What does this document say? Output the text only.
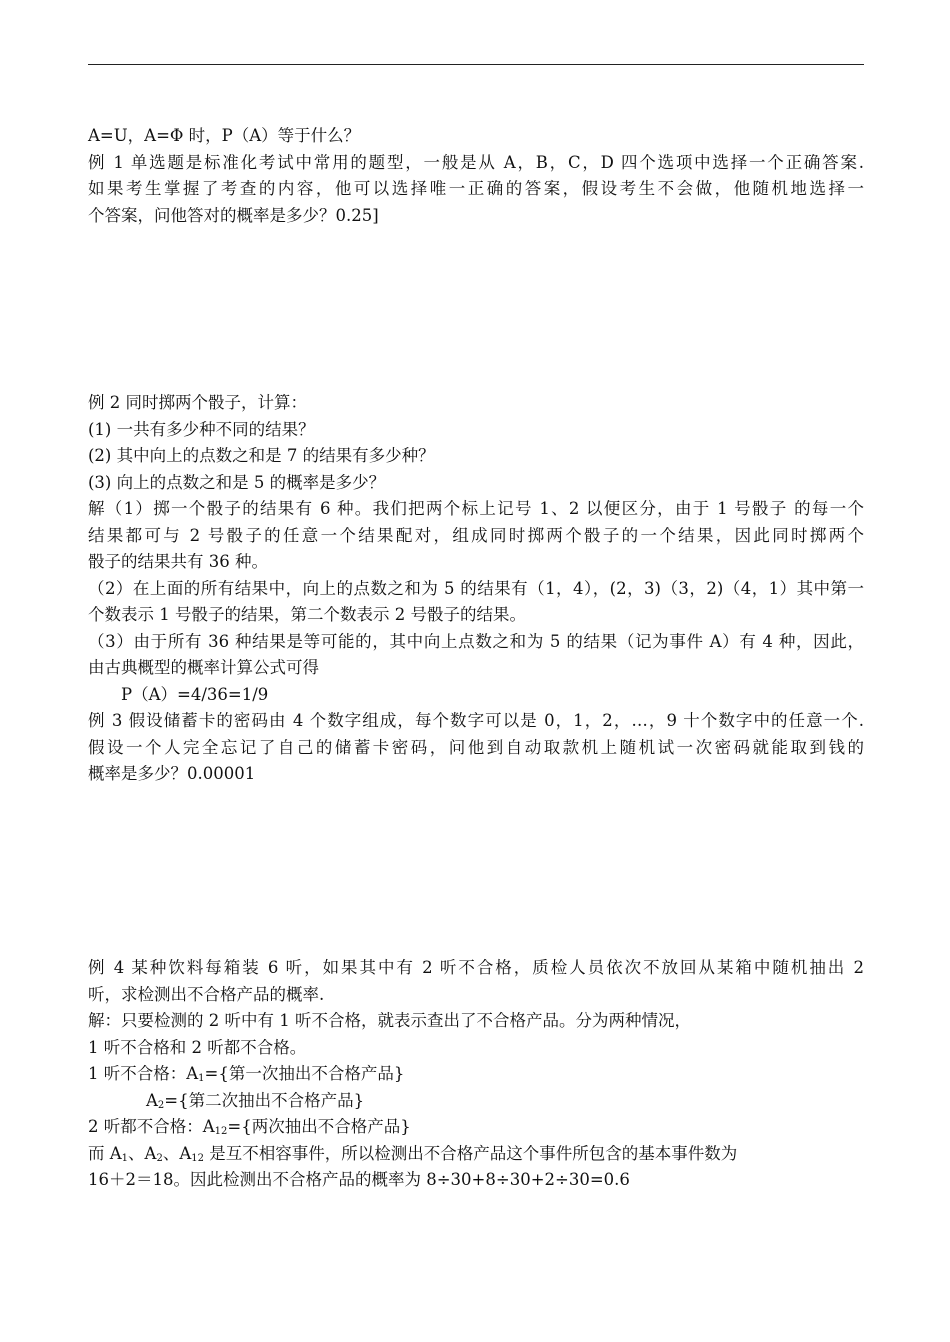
A=U，A=Φ 时，P（A）等于什么？
例 1 单选题是标准化考试中常用的题型，一般是从 A，B，C，D 四个选项中选择一个正确答案.
如果考生掌握了考查的内容，他可以选择唯一正确的答案，假设考生不会做，他随机地选择一
个答案，问他答对的概率是多少？0.25]
例 2 同时掷两个骰子，计算：
(1) 一共有多少种不同的结果？
(2) 其中向上的点数之和是 7 的结果有多少种？
(3) 向上的点数之和是 5 的概率是多少？
解（1）掷一个骰子的结果有 6 种。我们把两个标上记号 1、2 以便区分，由于 1 号骰子 的每一个
结果都可与 2 号骰子的任意一个结果配对，组成同时掷两个骰子的一个结果，因此同时掷两个
骰子的结果共有 36 种。
（2）在上面的所有结果中，向上的点数之和为 5 的结果有（1，4），(2，3)（3，2)（4，1）其中第一
个数表示 1 号骰子的结果，第二个数表示 2 号骰子的结果。
（3）由于所有 36 种结果是等可能的，其中向上点数之和为 5 的结果（记为事件 A）有 4 种，因此，
由古典概型的概率计算公式可得
P（A）=4/36=1/9
例 3 假设储蓄卡的密码由 4 个数字组成，每个数字可以是 0，1，2，…，9 十个数字中的任意一个.
假设一个人完全忘记了自己的储蓄卡密码，问他到自动取款机上随机试一次密码就能取到钱的
概率是多少？0.00001
例 4 某种饮料每箱装 6 听，如果其中有 2 听不合格，质检人员依次不放回从某箱中随机抽出 2
听，求检测出不合格产品的概率.
解：只要检测的 2 听中有 1 听不合格，就表示查出了不合格产品。分为两种情况，
1 听不合格和 2 听都不合格。
1 听不合格：$A_1=${第一次抽出不合格产品}
$A_2=${第二次抽出不合格产品}
2 听都不合格：$A_{12}=${两次抽出不合格产品}
而 $A_1$、$A_2$、$A_{12}$ 是互不相容事件，所以检测出不合格产品这个事件所包含的基本事件数为
16＋2＝18。因此检测出不合格产品的概率为 8÷30+8÷30+2÷30=0.6
